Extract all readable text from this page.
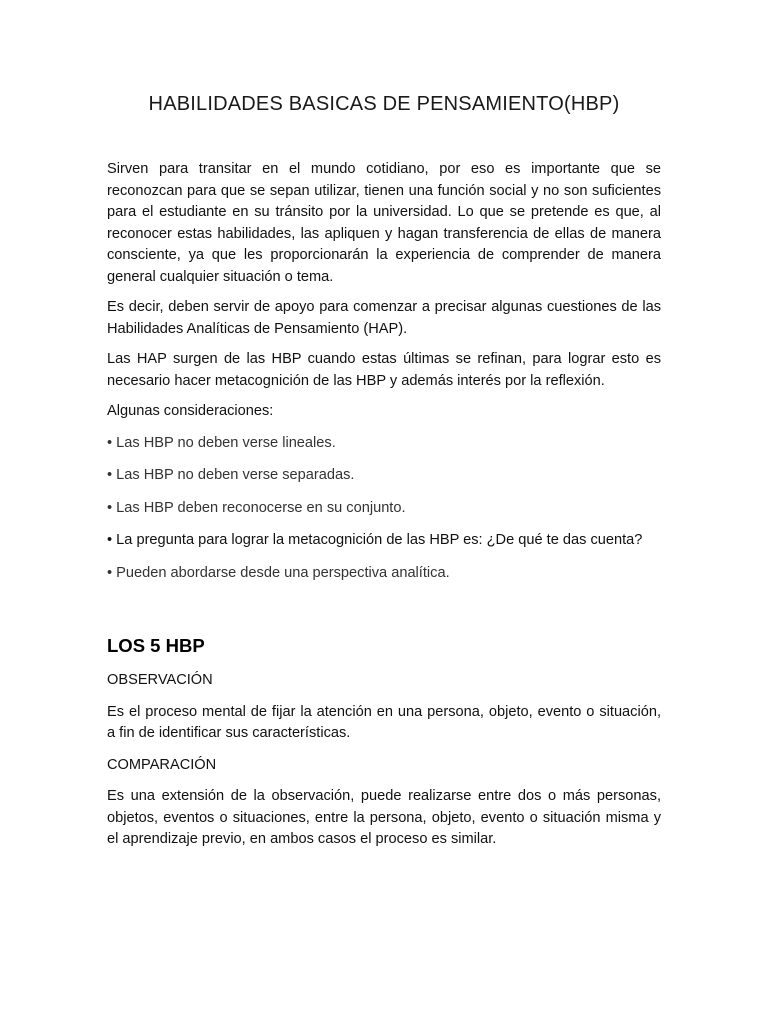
HABILIDADES BASICAS DE PENSAMIENTO(HBP)

Sirven para transitar en el mundo cotidiano, por eso es importante que se reconozcan para que se sepan utilizar, tienen una función social y no son suficientes para el estudiante en su tránsito por la universidad. Lo que se pretende es que, al reconocer estas habilidades, las apliquen y hagan transferencia de ellas de manera consciente, ya que les proporcionarán la experiencia de comprender de manera general cualquier situación o tema.

Es decir, deben servir de apoyo para comenzar a precisar algunas cuestiones de las Habilidades Analíticas de Pensamiento (HAP).

Las HAP surgen de las HBP cuando estas últimas se refinan, para lograr esto es necesario hacer metacognición de las HBP y además interés por la reflexión.

Algunas consideraciones:

• Las HBP no deben verse lineales.

• Las HBP no deben verse separadas.

• Las HBP deben reconocerse en su conjunto.

• La pregunta para lograr la metacognición de las HBP es: ¿De qué te das cuenta?

• Pueden abordarse desde una perspectiva analítica.

LOS 5 HBP

OBSERVACIÓN

Es el proceso mental de fijar la atención en una persona, objeto, evento o situación, a fin de identificar sus características.

COMPARACIÓN

Es una extensión de la observación, puede realizarse entre dos o más personas, objetos, eventos o situaciones, entre la persona, objeto, evento o situación misma y el aprendizaje previo, en ambos casos el proceso es similar.
